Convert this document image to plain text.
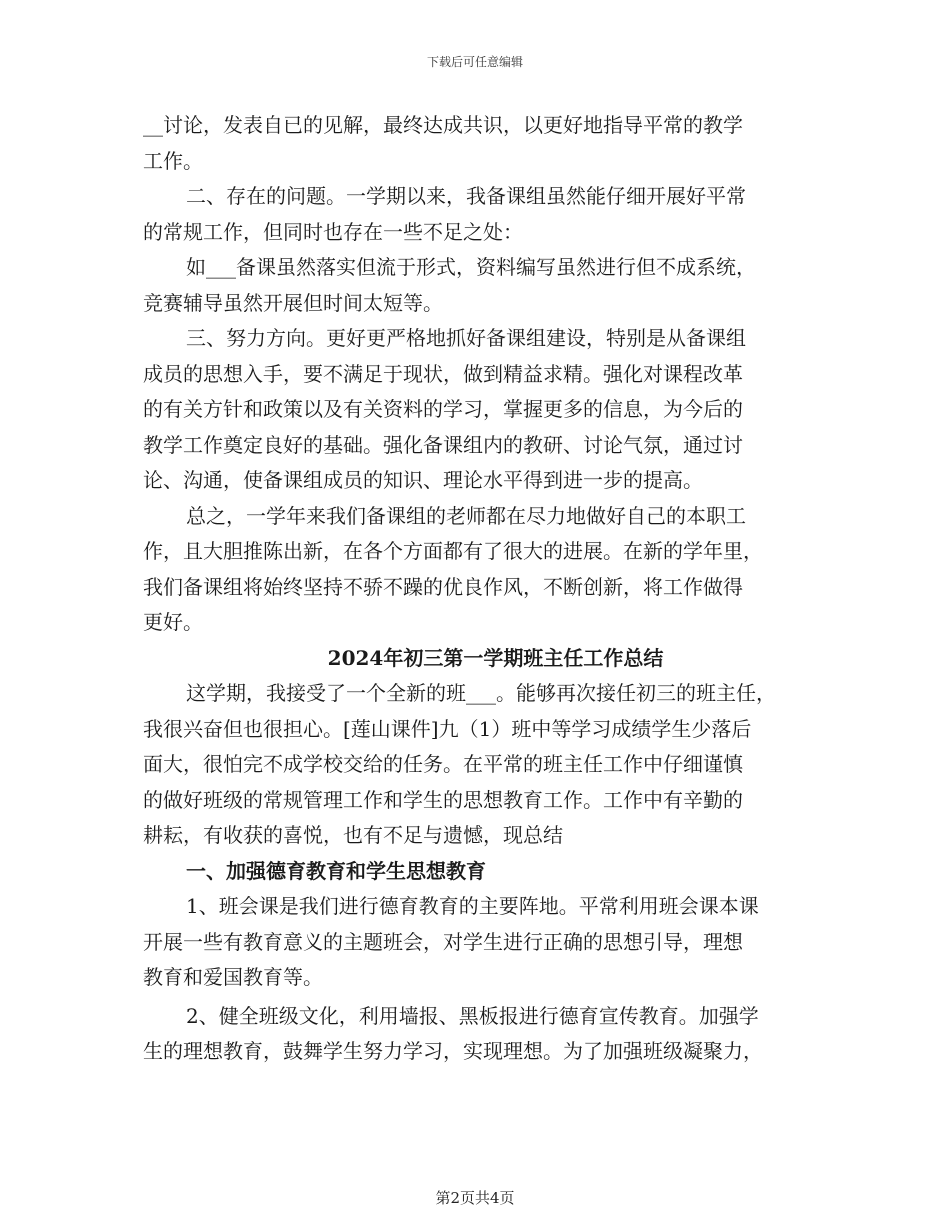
下载后可任意编辑
__讨论，发表自已的见解，最终达成共识，以更好地指导平常的教学
工作。
二、存在的问题。一学期以来，我备课组虽然能仔细开展好平常
的常规工作，但同时也存在一些不足之处：
如___备课虽然落实但流于形式，资料编写虽然进行但不成系统，
竞赛辅导虽然开展但时间太短等。
三、努力方向。更好更严格地抓好备课组建设，特别是从备课组
成员的思想入手，要不满足于现状，做到精益求精。强化对课程改革
的有关方针和政策以及有关资料的学习，掌握更多的信息，为今后的
教学工作奠定良好的基础。强化备课组内的教研、讨论气氛，通过讨
论、沟通，使备课组成员的知识、理论水平得到进一步的提高。
总之，一学年来我们备课组的老师都在尽力地做好自己的本职工
作，且大胆推陈出新，在各个方面都有了很大的进展。在新的学年里，
我们备课组将始终坚持不骄不躁的优良作风，不断创新，将工作做得
更好。
2024年初三第一学期班主任工作总结
这学期，我接受了一个全新的班___。能够再次接任初三的班主任，
我很兴奋但也很担心。[莲山课件]九（1）班中等学习成绩学生少落后
面大，很怕完不成学校交给的任务。在平常的班主任工作中仔细谨慎
的做好班级的常规管理工作和学生的思想教育工作。工作中有辛勤的
耕耘，有收获的喜悦，也有不足与遗憾，现总结
一、加强德育教育和学生思想教育
1、班会课是我们进行德育教育的主要阵地。平常利用班会课本课
开展一些有教育意义的主题班会，对学生进行正确的思想引导，理想
教育和爱国教育等。
2、健全班级文化，利用墙报、黑板报进行德育宣传教育。加强学
生的理想教育，鼓舞学生努力学习，实现理想。为了加强班级凝聚力，
第2页共4页
